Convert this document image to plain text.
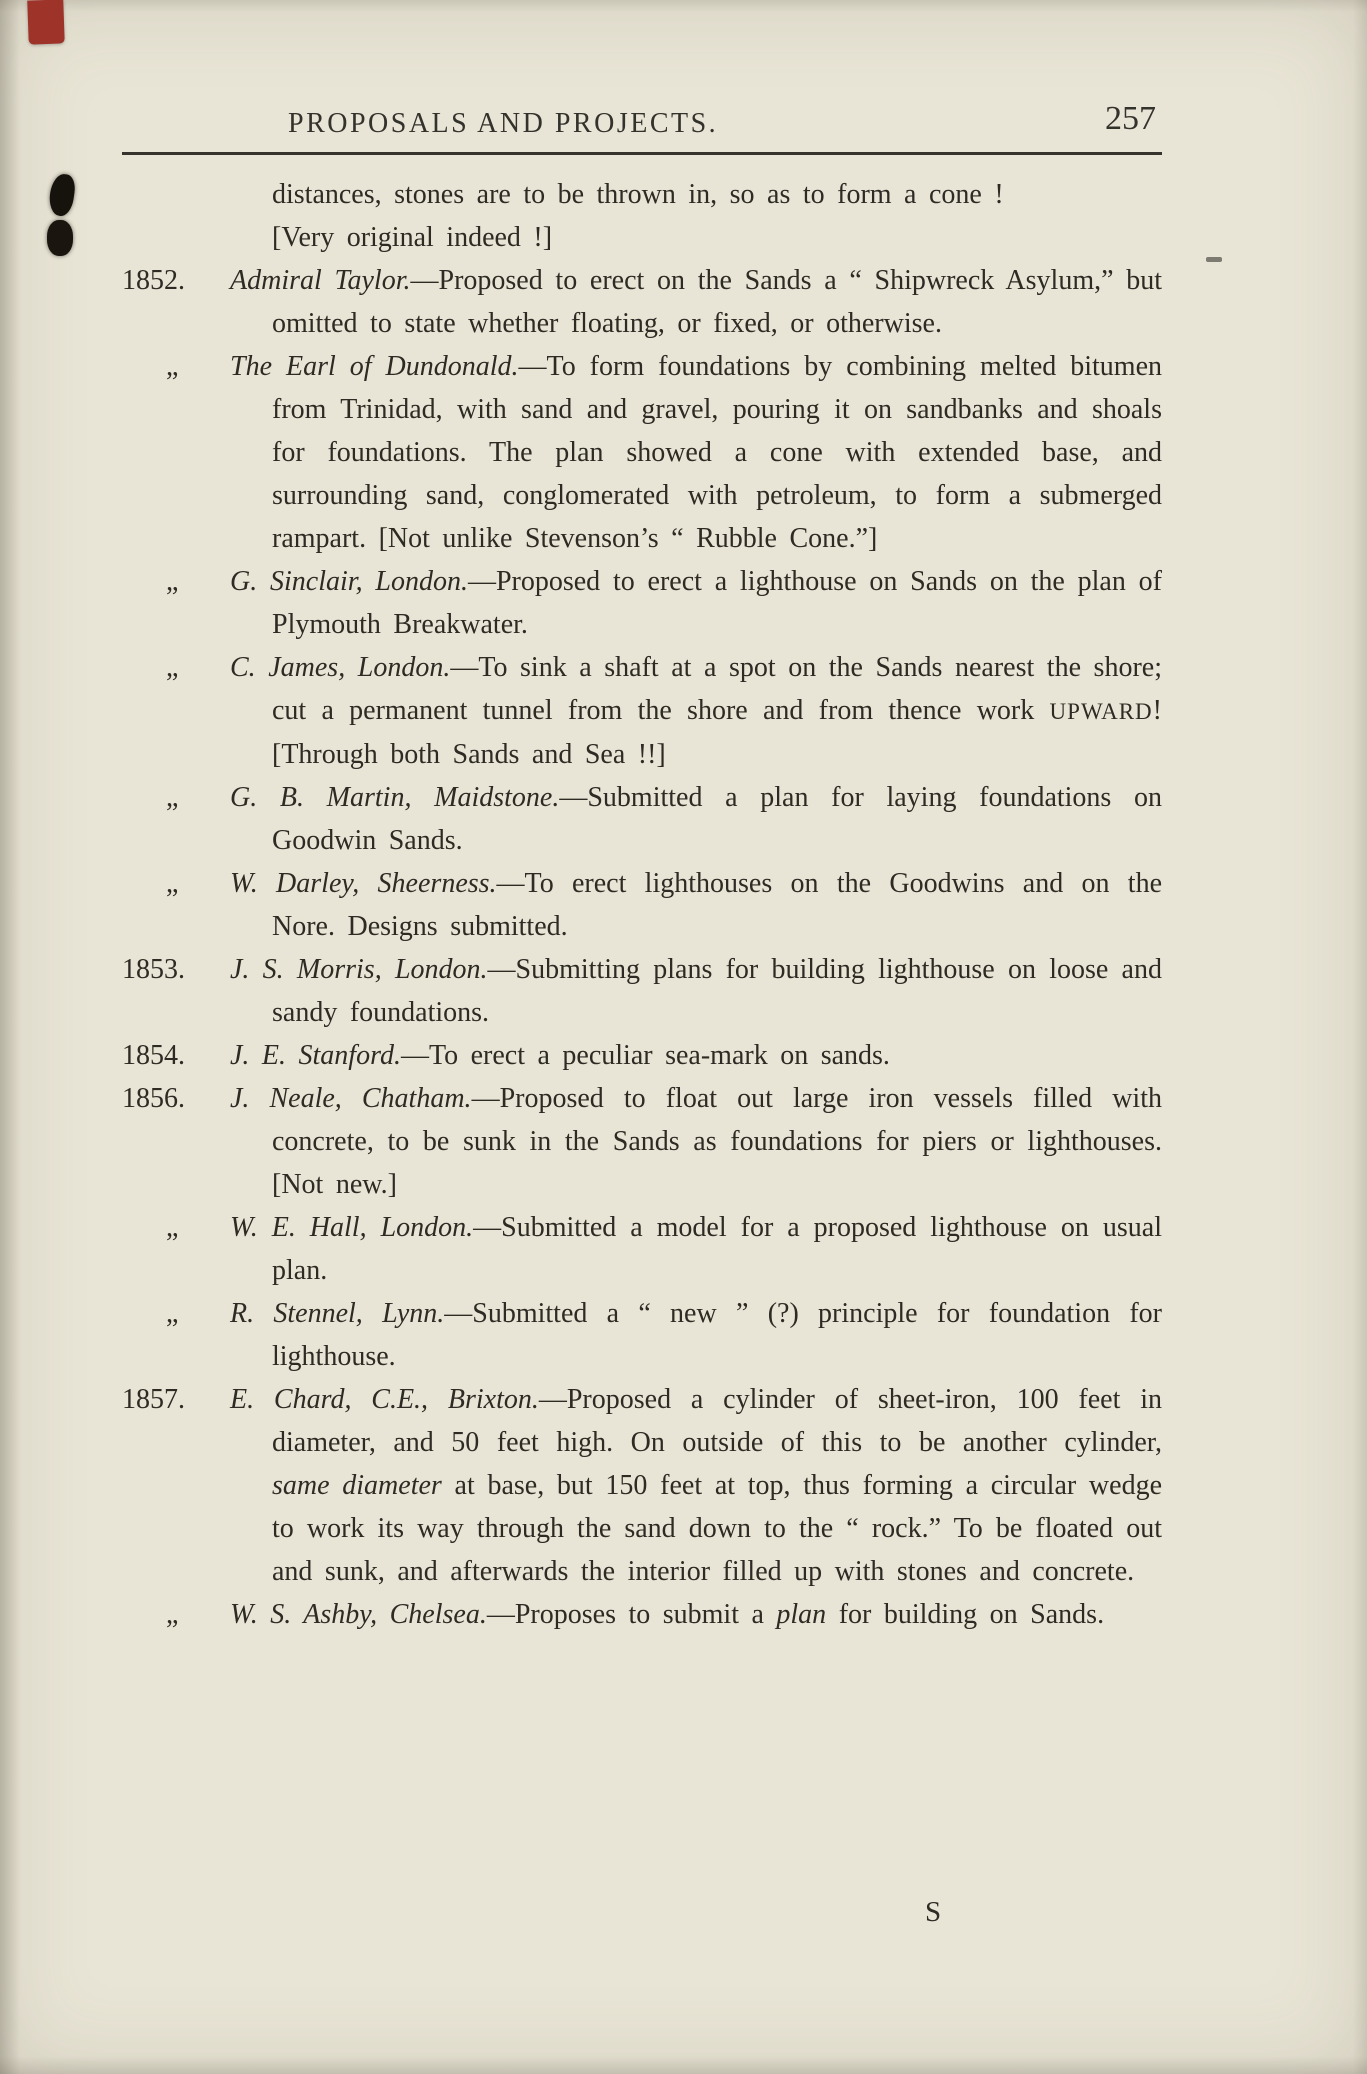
PROPOSALS AND PROJECTS.	257
distances, stones are to be thrown in, so as to form a cone !
[Very original indeed !]
1852.	Admiral Taylor.—Proposed to erect on the Sands a “ Shipwreck Asylum,” but omitted to state whether floating, or fixed, or otherwise.
„	The Earl of Dundonald.—To form foundations by combining melted bitumen from Trinidad, with sand and gravel, pouring it on sandbanks and shoals for foundations. The plan showed a cone with extended base, and surrounding sand, conglomerated with petroleum, to form a submerged rampart. [Not unlike Stevenson’s “ Rubble Cone.”]
„	G. Sinclair, London.—Proposed to erect a lighthouse on Sands on the plan of Plymouth Breakwater.
„	C. James, London.—To sink a shaft at a spot on the Sands nearest the shore; cut a permanent tunnel from the shore and from thence work UPWARD! [Through both Sands and Sea !!]
„	G. B. Martin, Maidstone.—Submitted a plan for laying foundations on Goodwin Sands.
„	W. Darley, Sheerness.—To erect lighthouses on the Goodwins and on the Nore. Designs submitted.
1853.	J. S. Morris, London.—Submitting plans for building lighthouse on loose and sandy foundations.
1854.	J. E. Stanford.—To erect a peculiar sea-mark on sands.
1856.	J. Neale, Chatham.—Proposed to float out large iron vessels filled with concrete, to be sunk in the Sands as foundations for piers or lighthouses. [Not new.]
„	W. E. Hall, London.—Submitted a model for a proposed lighthouse on usual plan.
„	R. Stennel, Lynn.—Submitted a “ new ” (?) principle for foundation for lighthouse.
1857.	E. Chard, C.E., Brixton.—Proposed a cylinder of sheet-iron, 100 feet in diameter, and 50 feet high. On outside of this to be another cylinder, same diameter at base, but 150 feet at top, thus forming a circular wedge to work its way through the sand down to the “ rock.” To be floated out and sunk, and afterwards the interior filled up with stones and concrete.
„	W. S. Ashby, Chelsea.—Proposes to submit a plan for building on Sands.
S
